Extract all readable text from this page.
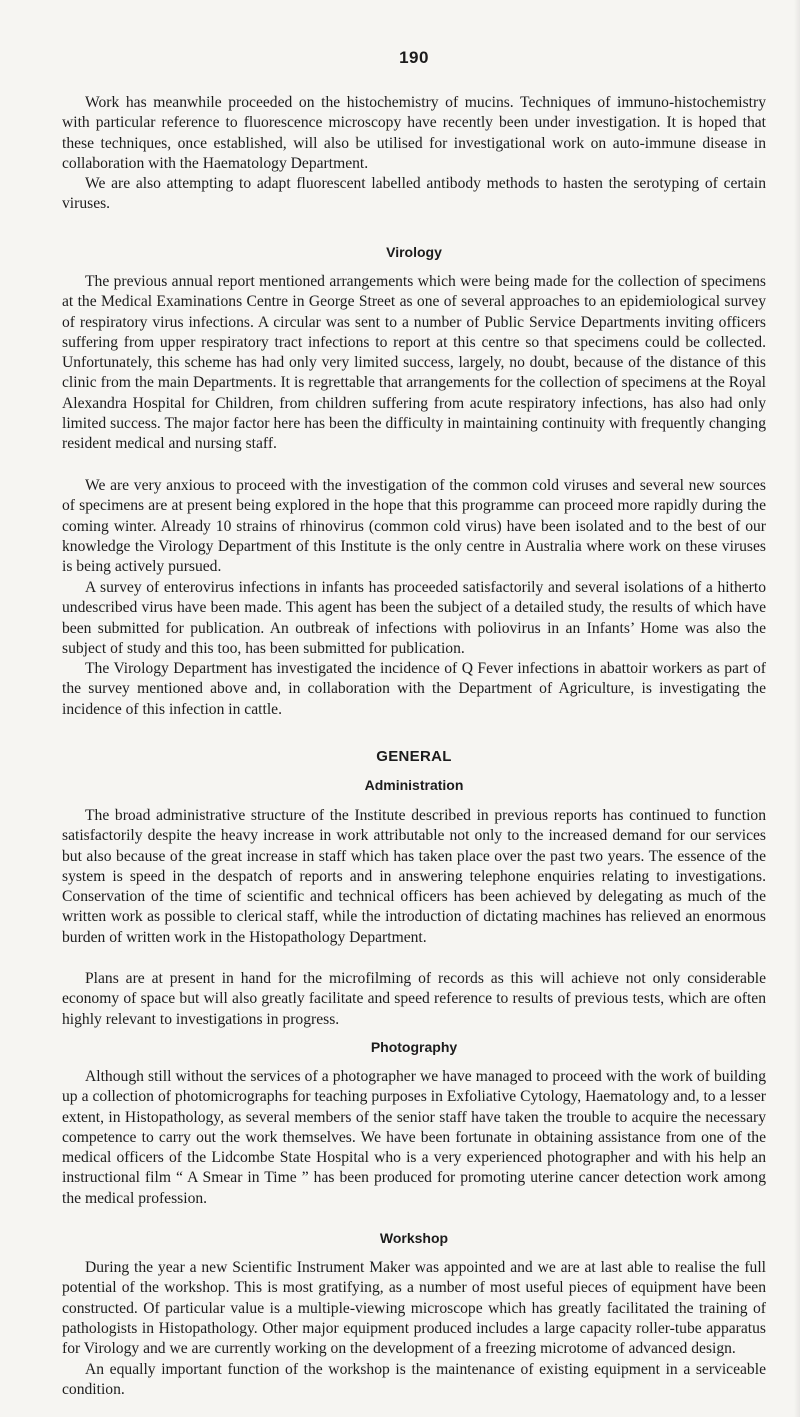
190

Work has meanwhile proceeded on the histochemistry of mucins. Techniques of immuno-histochemistry with particular reference to fluorescence microscopy have recently been under investigation. It is hoped that these techniques, once established, will also be utilised for investigational work on auto-immune disease in collaboration with the Haematology Department.

We are also attempting to adapt fluorescent labelled antibody methods to hasten the serotyping of certain viruses.

Virology

The previous annual report mentioned arrangements which were being made for the collection of specimens at the Medical Examinations Centre in George Street as one of several approaches to an epidemiological survey of respiratory virus infections. A circular was sent to a number of Public Service Departments inviting officers suffering from upper respiratory tract infections to report at this centre so that specimens could be collected. Unfortunately, this scheme has had only very limited success, largely, no doubt, because of the distance of this clinic from the main Departments. It is regrettable that arrangements for the collection of specimens at the Royal Alexandra Hospital for Children, from children suffering from acute respiratory infections, has also had only limited success. The major factor here has been the difficulty in maintaining continuity with frequently changing resident medical and nursing staff.

We are very anxious to proceed with the investigation of the common cold viruses and several new sources of specimens are at present being explored in the hope that this programme can proceed more rapidly during the coming winter. Already 10 strains of rhinovirus (common cold virus) have been isolated and to the best of our knowledge the Virology Department of this Institute is the only centre in Australia where work on these viruses is being actively pursued.

A survey of enterovirus infections in infants has proceeded satisfactorily and several isolations of a hitherto undescribed virus have been made. This agent has been the subject of a detailed study, the results of which have been submitted for publication. An outbreak of infections with poliovirus in an Infants’ Home was also the subject of study and this too, has been submitted for publication.

The Virology Department has investigated the incidence of Q Fever infections in abattoir workers as part of the survey mentioned above and, in collaboration with the Department of Agriculture, is investigating the incidence of this infection in cattle.

GENERAL
Administration

The broad administrative structure of the Institute described in previous reports has continued to function satisfactorily despite the heavy increase in work attributable not only to the increased demand for our services but also because of the great increase in staff which has taken place over the past two years. The essence of the system is speed in the despatch of reports and in answering telephone enquiries relating to investigations. Conservation of the time of scientific and technical officers has been achieved by delegating as much of the written work as possible to clerical staff, while the introduction of dictating machines has relieved an enormous burden of written work in the Histopathology Department.

Plans are at present in hand for the microfilming of records as this will achieve not only considerable economy of space but will also greatly facilitate and speed reference to results of previous tests, which are often highly relevant to investigations in progress.

Photography

Although still without the services of a photographer we have managed to proceed with the work of building up a collection of photomicrographs for teaching purposes in Exfoliative Cytology, Haematology and, to a lesser extent, in Histopathology, as several members of the senior staff have taken the trouble to acquire the necessary competence to carry out the work themselves. We have been fortunate in obtaining assistance from one of the medical officers of the Lidcombe State Hospital who is a very experienced photographer and with his help an instructional film “ A Smear in Time ” has been produced for promoting uterine cancer detection work among the medical profession.

Workshop

During the year a new Scientific Instrument Maker was appointed and we are at last able to realise the full potential of the workshop. This is most gratifying, as a number of most useful pieces of equipment have been constructed. Of particular value is a multiple-viewing microscope which has greatly facilitated the training of pathologists in Histopathology. Other major equipment produced includes a large capacity roller-tube apparatus for Virology and we are currently working on the development of a freezing microtome of advanced design.

An equally important function of the workshop is the maintenance of existing equipment in a serviceable condition.
